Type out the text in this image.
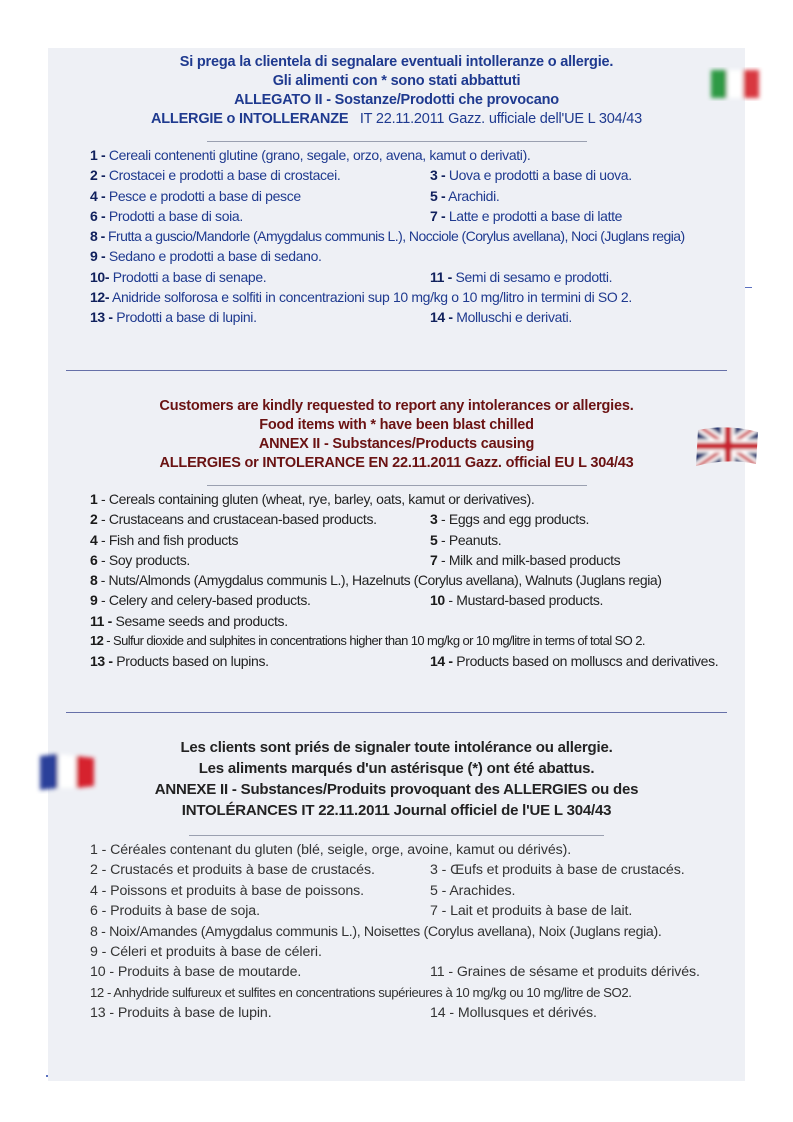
Si prega la clientela di segnalare eventuali intolleranze o allergie.
Gli alimenti con * sono stati abbattuti
ALLEGATO II - Sostanze/Prodotti che provocano
ALLERGIE o INTOLLERANZE IT 22.11.2011 Gazz. ufficiale dell'UE L 304/43
1 - Cereali contenenti glutine (grano, segale, orzo, avena, kamut o derivati).
2 - Crostacei e prodotti a base di crostacei.	3 - Uova e prodotti a base di uova.
4 - Pesce e prodotti a base di pesce	5 - Arachidi.
6 - Prodotti a base di soia.	7 - Latte e prodotti a base di latte
8 - Frutta a guscio/Mandorle (Amygdalus communis L.), Nocciole (Corylus avellana), Noci (Juglans regia)
9 - Sedano e prodotti a base di sedano.
10- Prodotti a base di senape.	11 - Semi di sesamo e prodotti.
12- Anidride solforosa e solfiti in concentrazioni sup 10 mg/kg o 10 mg/litro in termini di SO 2.
13 - Prodotti a base di lupini.	14 - Molluschi e derivati.
Customers are kindly requested to report any intolerances or allergies.
Food items with * have been blast chilled
ANNEX II - Substances/Products causing
ALLERGIES or INTOLERANCE EN 22.11.2011 Gazz. official EU L 304/43
1 - Cereals containing gluten (wheat, rye, barley, oats, kamut or derivatives).
2 - Crustaceans and crustacean-based products.	3 - Eggs and egg products.
4 - Fish and fish products	5 - Peanuts.
6 - Soy products.	7 - Milk and milk-based products
8 - Nuts/Almonds (Amygdalus communis L.), Hazelnuts (Corylus avellana), Walnuts (Juglans regia)
9 - Celery and celery-based products.	10 - Mustard-based products.
11 - Sesame seeds and products.
12 - Sulfur dioxide and sulphites in concentrations higher than 10 mg/kg or 10 mg/litre in terms of total SO 2.
13 - Products based on lupins.	14 - Products based on molluscs and derivatives.
Les clients sont priés de signaler toute intolérance ou allergie.
Les aliments marqués d'un astérisque (*) ont été abattus.
ANNEXE II - Substances/Produits provoquant des ALLERGIES ou des
INTOLÉRANCES IT 22.11.2011 Journal officiel de l'UE L 304/43
1 - Céréales contenant du gluten (blé, seigle, orge, avoine, kamut ou dérivés).
2 - Crustacés et produits à base de crustacés.	3 - Œufs et produits à base de crustacés.
4 - Poissons et produits à base de poissons.	5 - Arachides.
6 - Produits à base de soja.	7 - Lait et produits à base de lait.
8 - Noix/Amandes (Amygdalus communis L.), Noisettes (Corylus avellana), Noix (Juglans regia).
9 - Céleri et produits à base de céleri.
10 - Produits à base de moutarde.	11 - Graines de sésame et produits dérivés.
12 - Anhydride sulfureux et sulfites en concentrations supérieures à 10 mg/kg ou 10 mg/litre de SO2.
13 - Produits à base de lupin.	14 - Mollusques et dérivés.
